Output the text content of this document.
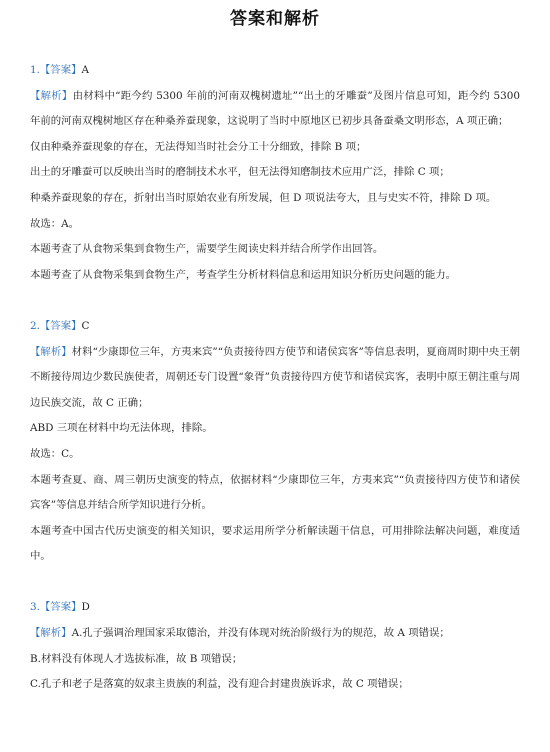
答案和解析

1.【答案】A

【解析】由材料中“距今约 5300 年前的河南双槐树遗址”“出土的牙雕蚕”及图片信息可知，距今约 5300 年前的河南双槐树地区存在种桑养蚕现象，这说明了当时中原地区已初步具备蚕桑文明形态，A 项正确；

仅由种桑养蚕现象的存在，无法得知当时社会分工十分细致，排除 B 项；

出土的牙雕蚕可以反映出当时的磨制技术水平，但无法得知磨制技术应用广泛，排除 C 项；

种桑养蚕现象的存在，折射出当时原始农业有所发展，但 D 项说法夸大，且与史实不符，排除 D 项。

故选：A。

本题考查了从食物采集到食物生产，需要学生阅读史料并结合所学作出回答。

本题考查了从食物采集到食物生产，考查学生分析材料信息和运用知识分析历史问题的能力。

2.【答案】C

【解析】材料“少康即位三年，方夷来宾”“负责接待四方使节和诸侯宾客”等信息表明，夏商周时期中央王朝不断接待周边少数民族使者，周朝还专门设置“象胥”负责接待四方使节和诸侯宾客，表明中原王朝注重与周边民族交流，故 C 正确；

ABD 三项在材料中均无法体现，排除。

故选：C。

本题考查夏、商、周三朝历史演变的特点，依据材料“少康即位三年，方夷来宾”“负责接待四方使节和诸侯宾客”等信息并结合所学知识进行分析。

本题考查中国古代历史演变的相关知识，要求运用所学分析解读题干信息，可用排除法解决问题，难度适中。

3.【答案】D

【解析】A.孔子强调治理国家采取德治，并没有体现对统治阶级行为的规范，故 A 项错误；

B.材料没有体现人才选拔标准，故 B 项错误；

C.孔子和老子是落寞的奴隶主贵族的利益，没有迎合封建贵族诉求，故 C 项错误；
